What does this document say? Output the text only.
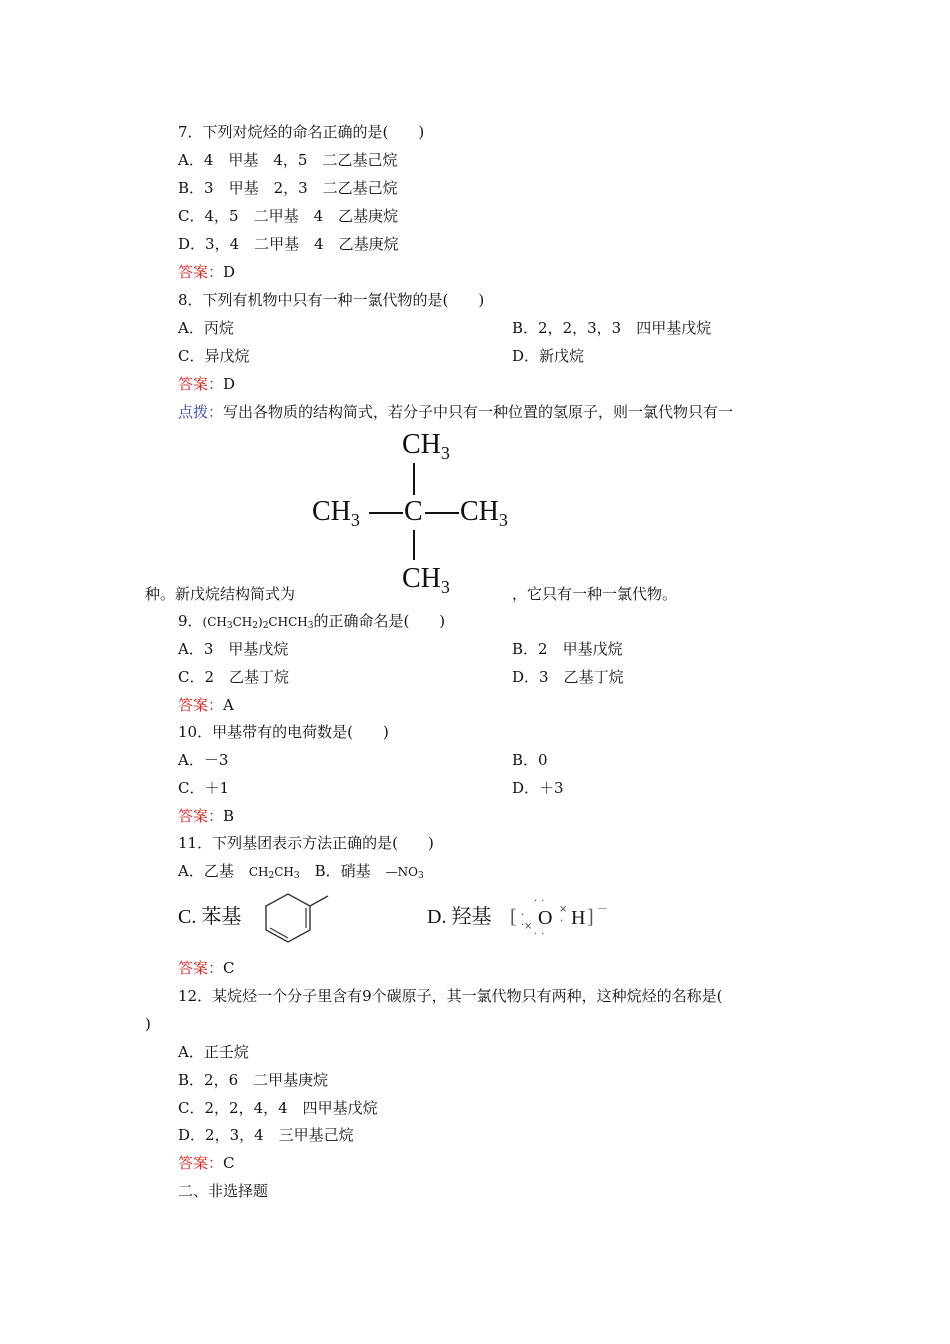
7．下列对烷烃的命名正确的是(　　)
A．4　甲基　4，5　二乙基己烷
B．3　甲基　2，3　二乙基己烷
C．4，5　二甲基　4　乙基庚烷
D．3，4　二甲基　4　乙基庚烷
答案：D
8．下列有机物中只有一种一氯代物的是(　　)
A．丙烷	B．2，2，3，3　四甲基戊烷
C．异戊烷	D．新戊烷
答案：D
点拨：写出各物质的结构简式，若分子中只有一种位置的氢原子，则一氯代物只有一
$CH_3$
$CH_3$ C $CH_3$
$CH_3$
种。新戊烷结构简式为	，它只有一种一氯代物。
9．$(CH_3CH_2)_2CHCH_3$的正确命名是(　　)
A．3　甲基戊烷	B．2　甲基戊烷
C．2　乙基丁烷	D．3　乙基丁烷
答案：A
10．甲基带有的电荷数是(　　)
A．－3	B．0
C．＋1	D．＋3
答案：B
11．下列基团表示方法正确的是(　　)
A．乙基　$CH_2CH_3$　 B．硝基　$—NO_3$
C. 苯基	D. 羟基 [ ·
· ×
··
O
··
×
· H ] －
答案：C
12．某烷烃一个分子里含有9个碳原子，其一氯代物只有两种，这种烷烃的名称是(
)
A．正壬烷
B．2，6　二甲基庚烷
C．2，2，4，4　四甲基戊烷
D．2，3，4　三甲基己烷
答案：C
二、非选择题
